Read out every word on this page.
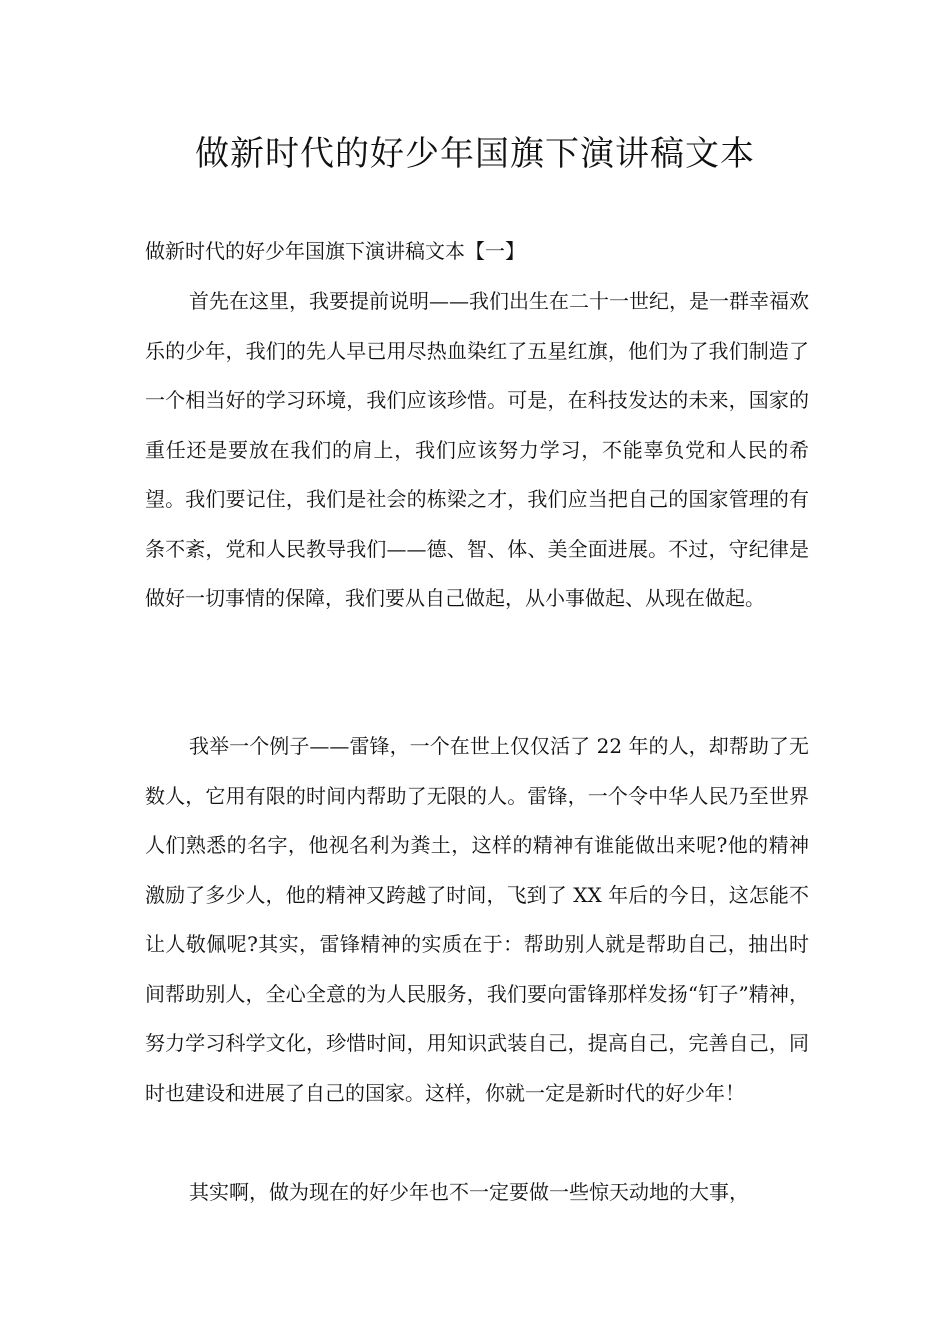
做新时代的好少年国旗下演讲稿文本
做新时代的好少年国旗下演讲稿文本【一】
首先在这里，我要提前说明——我们出生在二十一世纪，是一群幸福欢乐的少年，我们的先人早已用尽热血染红了五星红旗，他们为了我们制造了一个相当好的学习环境，我们应该珍惜。可是，在科技发达的未来，国家的重任还是要放在我们的肩上，我们应该努力学习，不能辜负党和人民的希望。我们要记住，我们是社会的栋梁之才，我们应当把自己的国家管理的有条不紊，党和人民教导我们——德、智、体、美全面进展。不过，守纪律是做好一切事情的保障，我们要从自己做起，从小事做起、从现在做起。
我举一个例子——雷锋，一个在世上仅仅活了 22 年的人，却帮助了无数人，它用有限的时间内帮助了无限的人。雷锋，一个令中华人民乃至世界人们熟悉的名字，他视名利为粪土，这样的精神有谁能做出来呢?他的精神激励了多少人，他的精神又跨越了时间，飞到了 XX 年后的今日，这怎能不让人敬佩呢?其实，雷锋精神的实质在于：帮助别人就是帮助自己，抽出时间帮助别人，全心全意的为人民服务，我们要向雷锋那样发扬“钉子”精神，努力学习科学文化，珍惜时间，用知识武装自己，提高自己，完善自己，同时也建设和进展了自己的国家。这样，你就一定是新时代的好少年！
其实啊，做为现在的好少年也不一定要做一些惊天动地的大事，
